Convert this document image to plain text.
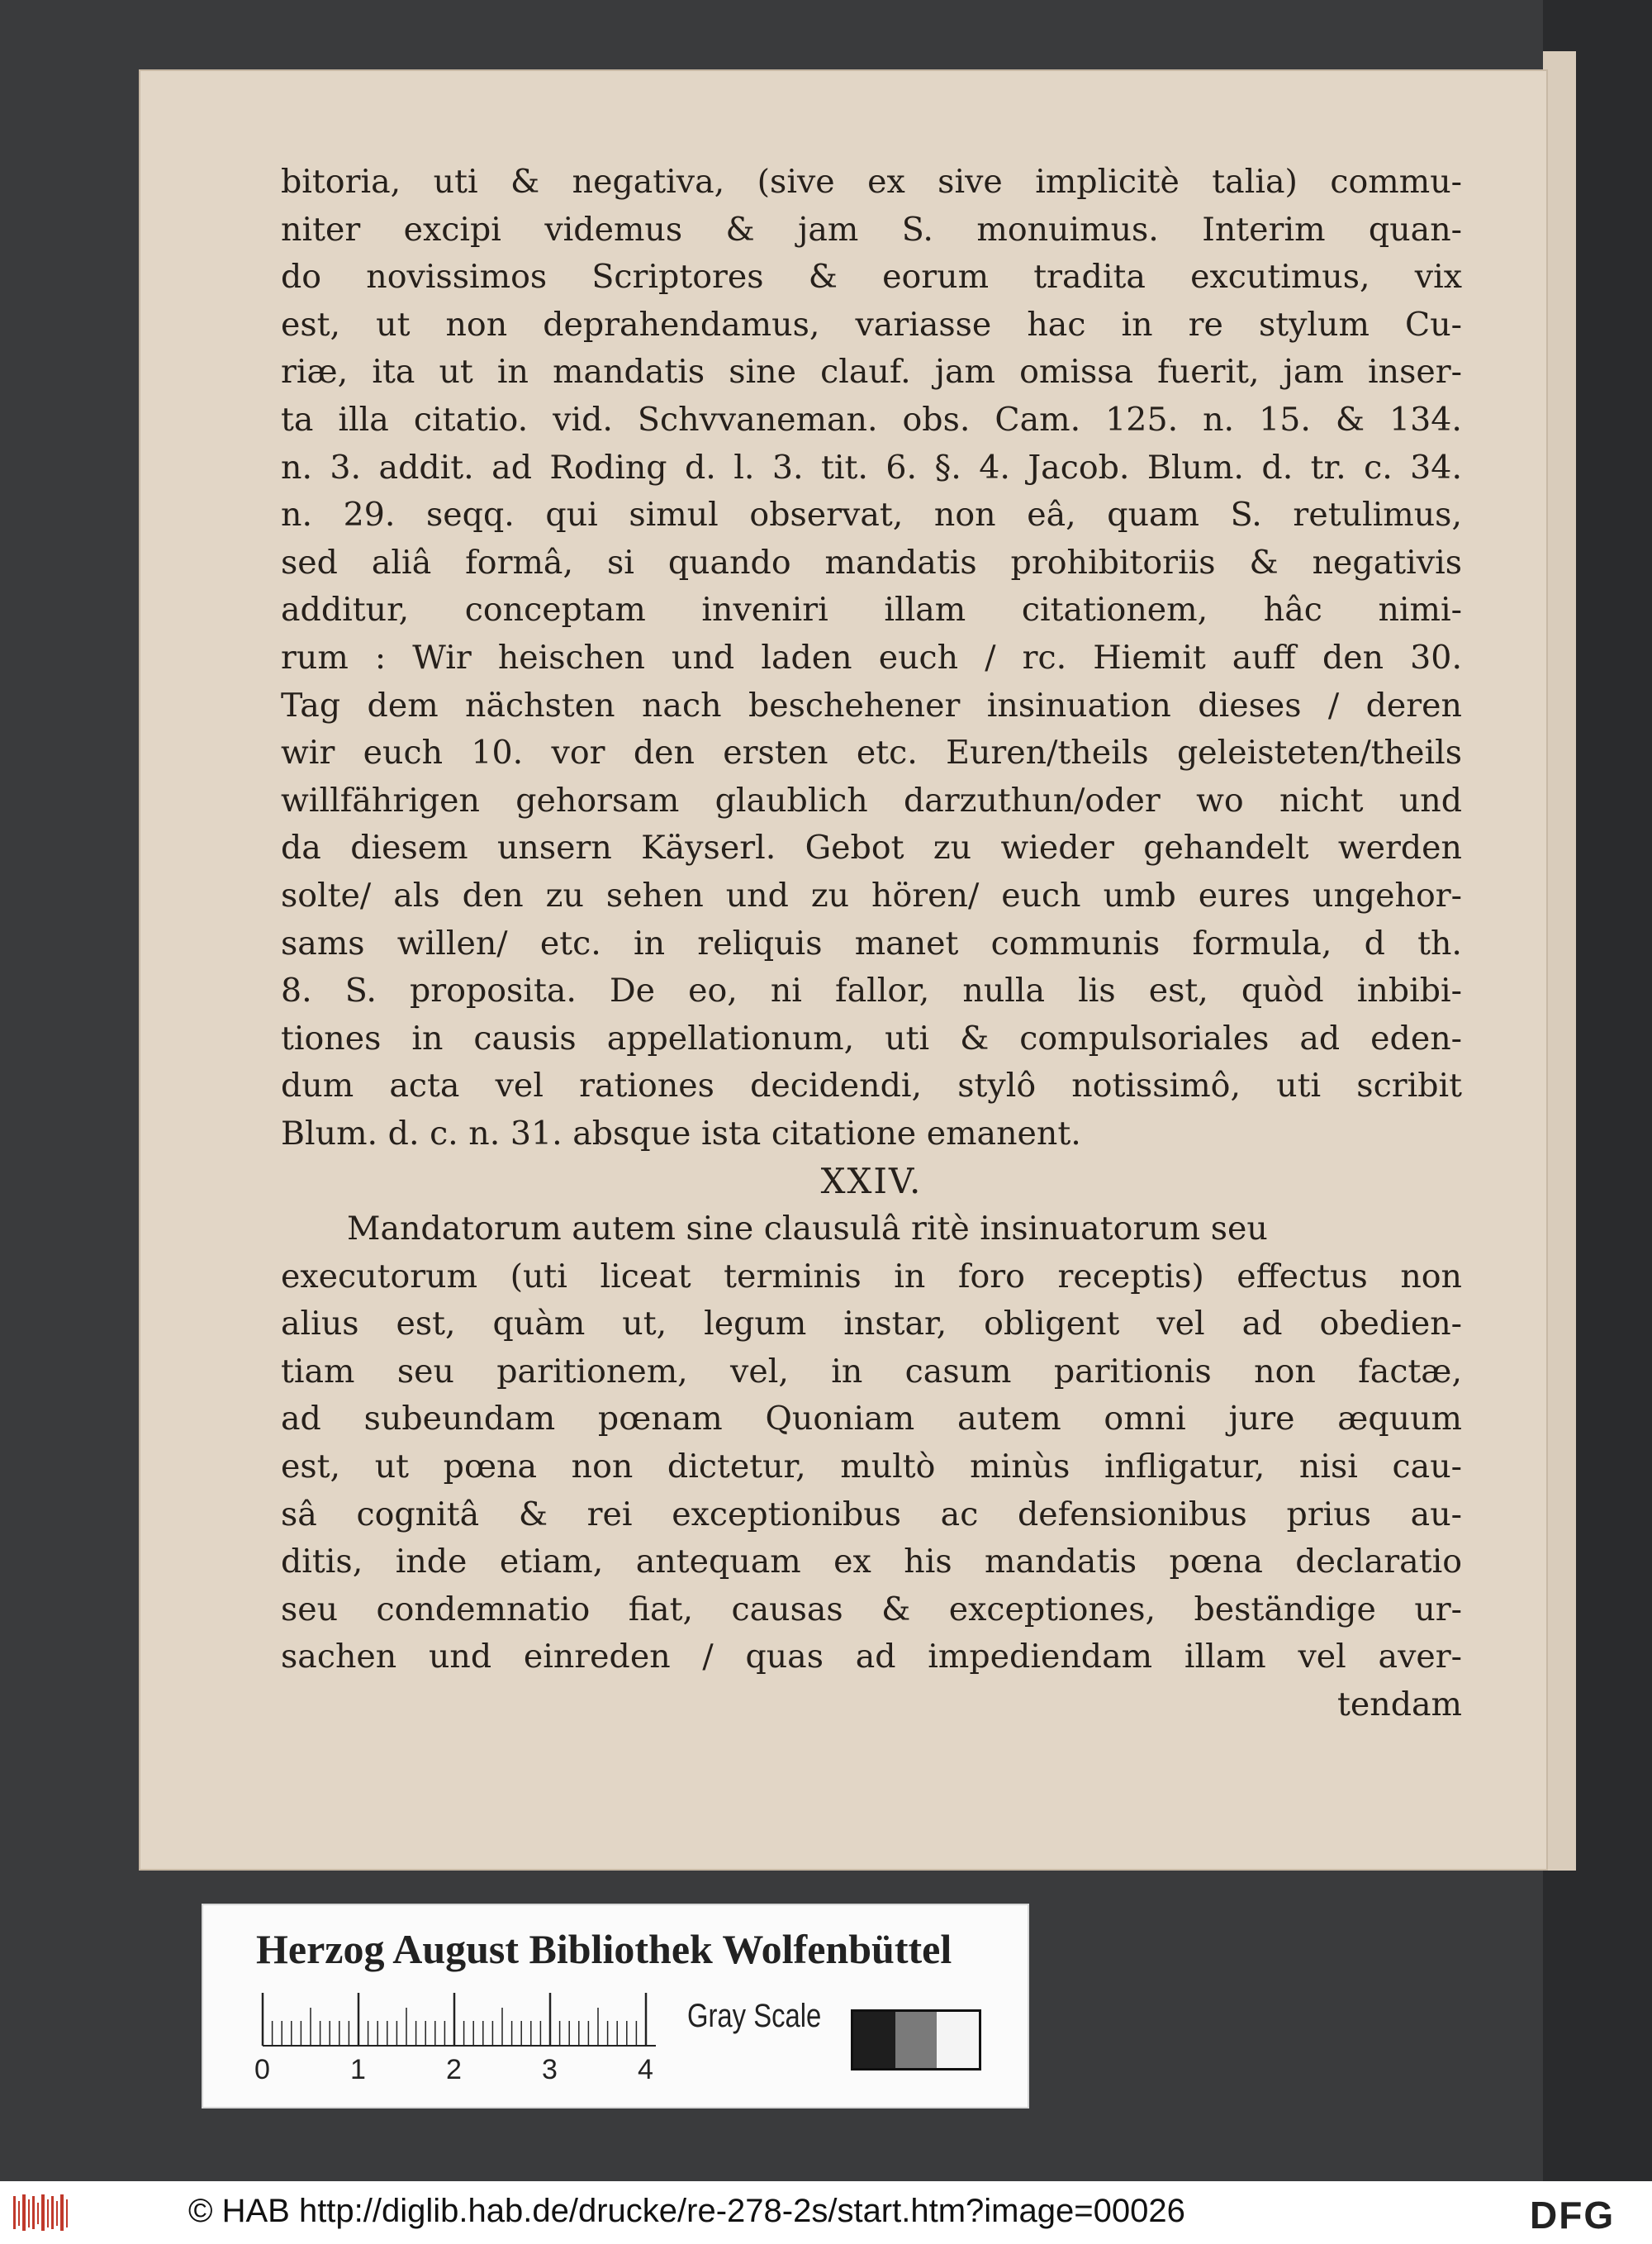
bitoria, uti & negativa, (sive ex sive implicitè talia) commu-
niter excipi videmus & jam S. monuimus. Interim quan-
do novissimos Scriptores & eorum tradita excutimus, vix
est, ut non deprahendamus, variasse hac in re stylum Cu-
riæ, ita ut in mandatis sine clauf. jam omissa fuerit, jam inser-
ta illa citatio. vid. Schvvaneman. obs. Cam. 125. n. 15. & 134.
n. 3. addit. ad Roding d. l. 3. tit. 6. §. 4. Jacob. Blum. d. tr. c. 34.
n. 29. seqq. qui simul observat, non eâ, quam S. retulimus,
sed aliâ formâ, si quando mandatis prohibitoriis & negativis
additur, conceptam inveniri illam citationem, hâc nimi-
rum : Wir heischen und laden euch / rc. Hiemit auff den 30.
Tag dem nächsten nach beschehener insinuation dieses / deren
wir euch 10. vor den ersten etc. Euren/theils geleisteten/theils
willfährigen gehorsam glaublich darzuthun/oder wo nicht und
da diesem unsern Käyserl. Gebot zu wieder gehandelt werden
solte/ als den zu sehen und zu hören/ euch umb eures ungehor-
sams willen/ etc. in reliquis manet communis formula, d th.
8. S. proposita. De eo, ni fallor, nulla lis est, quòd inbibi-
tiones in causis appellationum, uti & compulsoriales ad eden-
dum acta vel rationes decidendi, stylô notissimô, uti scribit
Blum. d. c. n. 31. absque ista citatione emanent.
XXIV.
Mandatorum autem sine clausulâ ritè insinuatorum seu
executorum (uti liceat terminis in foro receptis) effectus non
alius est, quàm ut, legum instar, obligent vel ad obedien-
tiam seu paritionem, vel, in casum paritionis non factæ,
ad subeundam pœnam Quoniam autem omni jure æquum
est, ut pœna non dictetur, multò minùs infligatur, nisi cau-
sâ cognitâ & rei exceptionibus ac defensionibus prius au-
ditis, inde etiam, antequam ex his mandatis pœna declaratio
seu condemnatio fiat, causas & exceptiones, beständige ur-
sachen und einreden / quas ad impediendam illam vel aver-
tendam
Herzog August Bibliothek Wolfenbüttel
0	1	2	3	4
Gray Scale
© HAB http://diglib.hab.de/drucke/re-278-2s/start.htm?image=00026	DFG
